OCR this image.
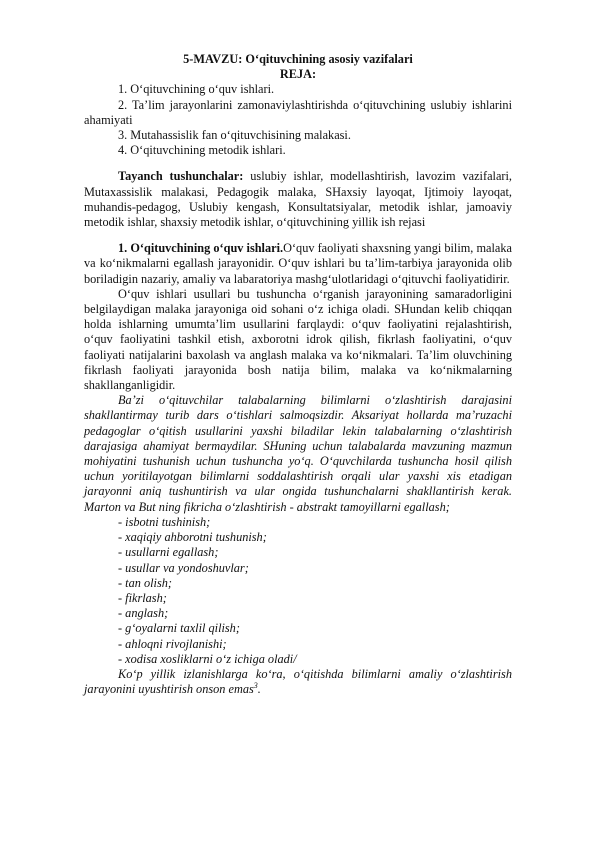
5-MAVZU: O‘qituvchining asosiy vazifalari

REJA:

1. O‘qituvchining o‘quv ishlari.

2. Ta’lim jarayonlarini zamonaviylashtirishda o‘qituvchining uslubiy ishlarini ahamiyati

3. Mutahassislik fan o‘qituvchisining malakasi.

4. O‘qituvchining metodik ishlari.

Tayanch tushunchalar: uslubiy ishlar, modellashtirish, lavozim vazifalari, Mutaxassislik malakasi, Pedagogik malaka, SHaxsiy layoqat, Ijtimoiy layoqat, muhandis-pedagog, Uslubiy kengash, Konsultatsiyalar, metodik ishlar, jamoaviy metodik ishlar, shaxsiy metodik ishlar, o‘qituvchining yillik ish rejasi

1. O‘qituvchining o‘quv ishlari.O‘quv faoliyati shaxsning yangi bilim, malaka va ko‘nikmalarni egallash jarayonidir. O‘quv ishlari bu ta’lim-tarbiya jarayonida olib boriladigin nazariy, amaliy va labaratoriya mashg‘ulotlaridagi o‘qituvchi faoliyatidirir.

O‘quv ishlari usullari bu tushuncha o‘rganish jarayonining samaradorligini belgilaydigan malaka jarayoniga oid sohani o‘z ichiga oladi. SHundan kelib chiqqan holda ishlarning umumta’lim usullarini farqlaydi: o‘quv faoliyatini rejalashtirish, o‘quv faoliyatini tashkil etish, axborotni idrok qilish, fikrlash faoliyatini, o‘quv faoliyati natijalarini baxolash va anglash malaka va ko‘nikmalari. Ta’lim oluvchining fikrlash faoliyati jarayonida bosh natija bilim, malaka va ko‘nikmalarning shakllanganligidir.

Ba’zi o‘qituvchilar talabalarning bilimlarni o‘zlashtirish darajasini shakllantirmay turib dars o‘tishlari salmoqsizdir. Aksariyat hollarda ma’ruzachi pedagoglar o‘qitish usullarini yaxshi biladilar lekin talabalarning o‘zlashtirish darajasiga ahamiyat bermaydilar. SHuning uchun talabalarda mavzuning mazmun mohiyatini tushunish uchun tushuncha yo‘q. O‘quvchilarda tushuncha hosil qilish uchun yoritilayotgan bilimlarni soddalashtirish orqali ular yaxshi xis etadigan jarayonni aniq tushuntirish va ular ongida tushunchalarni shakllantirish kerak. Marton va But ning fikricha o‘zlashtirish - abstrakt tamoyillarni egallash;

- isbotni tushinish;
- xaqiqiy ahborotni tushunish;
- usullarni egallash;
- usullar va yondoshuvlar;
- tan olish;
- fikrlash;
- anglash;
- g‘oyalarni taxlil qilish;
- ahloqni rivojlanishi;
- xodisa xosliklarni o‘z ichiga oladi/

Ko‘p yillik izlanishlarga ko‘ra, o‘qitishda bilimlarni amaliy o‘zlashtirish jarayonini uyushtirish onson emas$^3$.
